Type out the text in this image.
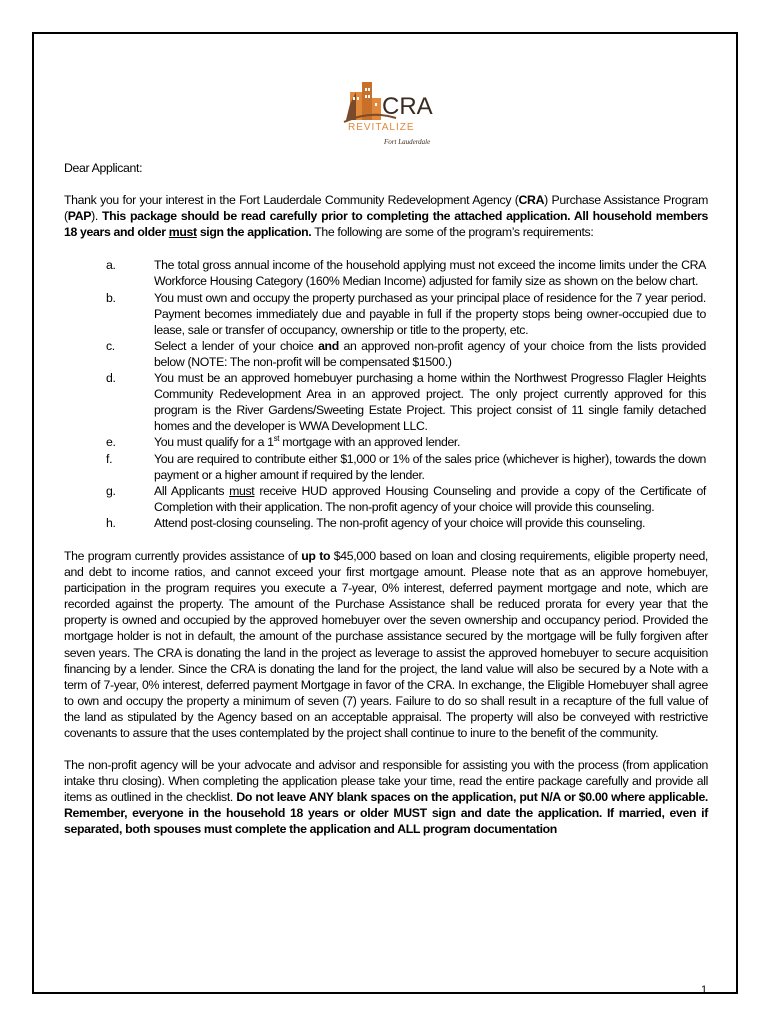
CRA
REVITALIZE
Fort Lauderdale

Dear Applicant:

Thank you for your interest in the Fort Lauderdale Community Redevelopment Agency (CRA) Purchase Assistance Program (PAP). This package should be read carefully prior to completing the attached application. All household members 18 years and older must sign the application. The following are some of the program’s requirements:

a.	The total gross annual income of the household applying must not exceed the income limits under the CRA Workforce Housing Category (160% Median Income) adjusted for family size as shown on the below chart.
b.	You must own and occupy the property purchased as your principal place of residence for the 7 year period. Payment becomes immediately due and payable in full if the property stops being owner-occupied due to lease, sale or transfer of occupancy, ownership or title to the property, etc.
c.	Select a lender of your choice and an approved non-profit agency of your choice from the lists provided below (NOTE: The non-profit will be compensated $1500.)
d.	You must be an approved homebuyer purchasing a home within the Northwest Progresso Flagler Heights Community Redevelopment Area in an approved project. The only project currently approved for this program is the River Gardens/Sweeting Estate Project. This project consist of 11 single family detached homes and the developer is WWA Development LLC.
e.	You must qualify for a 1st mortgage with an approved lender.
f.	You are required to contribute either $1,000 or 1% of the sales price (whichever is higher), towards the down payment or a higher amount if required by the lender.
g.	All Applicants must receive HUD approved Housing Counseling and provide a copy of the Certificate of Completion with their application. The non-profit agency of your choice will provide this counseling.
h.	Attend post-closing counseling. The non-profit agency of your choice will provide this counseling.

The program currently provides assistance of up to $45,000 based on loan and closing requirements, eligible property need, and debt to income ratios, and cannot exceed your first mortgage amount. Please note that as an approve homebuyer, participation in the program requires you execute a 7-year, 0% interest, deferred payment mortgage and note, which are recorded against the property. The amount of the Purchase Assistance shall be reduced prorata for every year that the property is owned and occupied by the approved homebuyer over the seven ownership and occupancy period. Provided the mortgage holder is not in default, the amount of the purchase assistance secured by the mortgage will be fully forgiven after seven years. The CRA is donating the land in the project as leverage to assist the approved homebuyer to secure acquisition financing by a lender. Since the CRA is donating the land for the project, the land value will also be secured by a Note with a term of 7-year, 0% interest, deferred payment Mortgage in favor of the CRA. In exchange, the Eligible Homebuyer shall agree to own and occupy the property a minimum of seven (7) years. Failure to do so shall result in a recapture of the full value of the land as stipulated by the Agency based on an acceptable appraisal. The property will also be conveyed with restrictive covenants to assure that the uses contemplated by the project shall continue to inure to the benefit of the community.

The non-profit agency will be your advocate and advisor and responsible for assisting you with the process (from application intake thru closing). When completing the application please take your time, read the entire package carefully and provide all items as outlined in the checklist. Do not leave ANY blank spaces on the application, put N/A or $0.00 where applicable. Remember, everyone in the household 18 years or older MUST sign and date the application. If married, even if separated, both spouses must complete the application and ALL program documentation

1
